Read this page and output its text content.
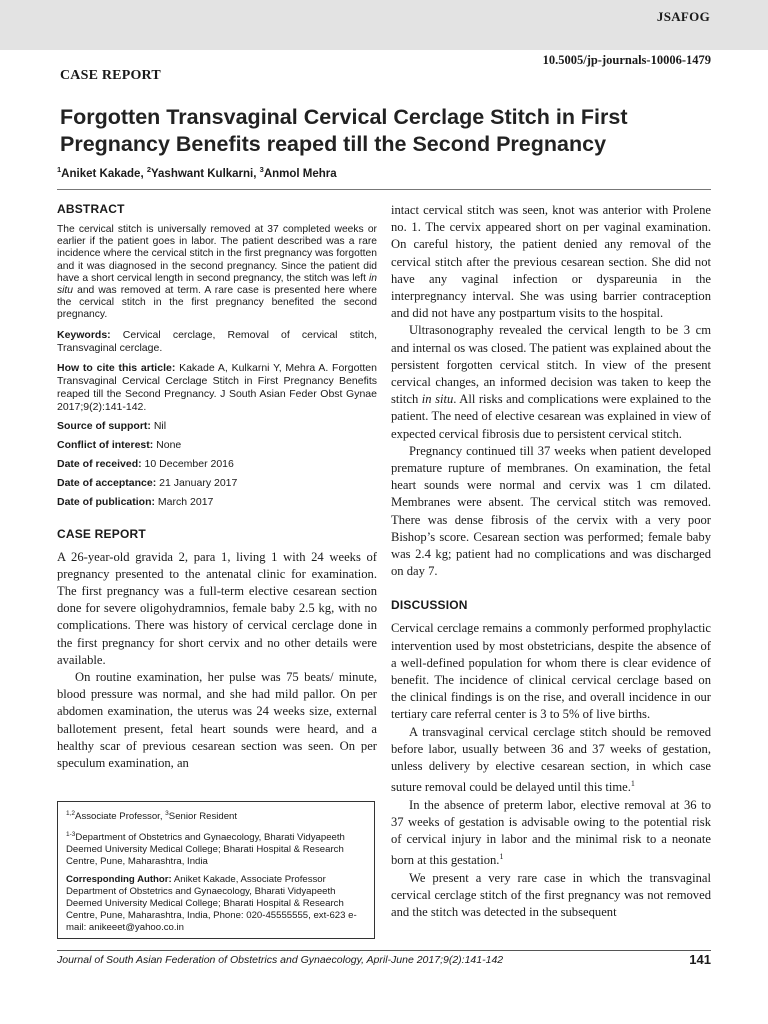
JSAFOG
10.5005/jp-journals-10006-1479
CASE REPORT
Forgotten Transvaginal Cervical Cerclage Stitch in First
Pregnancy Benefits reaped till the Second Pregnancy
$^1$Aniket Kakade, $^2$Yashwant Kulkarni, $^3$Anmol Mehra
ABSTRACT

The cervical stitch is universally removed at 37 completed weeks or earlier if the patient goes in labor. The patient described was a rare incidence where the cervical stitch in the first pregnancy was forgotten and it was diagnosed in the second pregnancy. Since the patient did have a short cervical length in second pregnancy, the stitch was left in situ and was removed at term. A rare case is presented here where the cervical stitch in the first pregnancy benefited the second pregnancy.

Keywords: Cervical cerclage, Removal of cervical stitch, Transvaginal cerclage.

How to cite this article: Kakade A, Kulkarni Y, Mehra A. Forgotten Transvaginal Cervical Cerclage Stitch in First Pregnancy Benefits reaped till the Second Pregnancy. J South Asian Feder Obst Gynae 2017;9(2):141-142.

Source of support: Nil

Conflict of interest: None

Date of received: 10 December 2016

Date of acceptance: 21 January 2017

Date of publication: March 2017

CASE REPORT

A 26-year-old gravida 2, para 1, living 1 with 24 weeks of pregnancy presented to the antenatal clinic for examination. The first pregnancy was a full-term elective cesarean section done for severe oligohydramnios, female baby 2.5 kg, with no complications. There was history of cervical cerclage done in the first pregnancy for short cervix and no other details were available.

On routine examination, her pulse was 75 beats/ minute, blood pressure was normal, and she had mild pallor. On per abdomen examination, the uterus was 24 weeks size, external ballotement present, fetal heart sounds were heard, and a healthy scar of previous cesarean section was seen. On per speculum examination, an

$^{1,2}$Associate Professor, $^3$Senior Resident

$^{1-3}$Department of Obstetrics and Gynaecology, Bharati Vidyapeeth Deemed University Medical College; Bharati Hospital & Research Centre, Pune, Maharashtra, India

Corresponding Author: Aniket Kakade, Associate Professor Department of Obstetrics and Gynaecology, Bharati Vidyapeeth Deemed University Medical College; Bharati Hospital & Research Centre, Pune, Maharashtra, India, Phone: 020-45555555, ext-623 e-mail: anikeeet@yahoo.co.in

intact cervical stitch was seen, knot was anterior with Prolene no. 1. The cervix appeared short on per vaginal examination. On careful history, the patient denied any removal of the cervical stitch after the previous cesarean section. She did not have any vaginal infection or dyspareunia in the interpregnancy interval. She was using barrier contraception and did not have any postpartum visits to the hospital.

Ultrasonography revealed the cervical length to be 3 cm and internal os was closed. The patient was explained about the persistent forgotten cervical stitch. In view of the present cervical changes, an informed decision was taken to keep the stitch in situ. All risks and complications were explained to the patient. The need of elective cesarean was explained in view of expected cervical fibrosis due to persistent cervical stitch.

Pregnancy continued till 37 weeks when patient developed premature rupture of membranes. On examination, the fetal heart sounds were normal and cervix was 1 cm dilated. Membranes were absent. The cervical stitch was removed. There was dense fibrosis of the cervix with a very poor Bishop’s score. Cesarean section was performed; female baby was 2.4 kg; patient had no complications and was discharged on day 7.

DISCUSSION

Cervical cerclage remains a commonly performed prophylactic intervention used by most obstetricians, despite the absence of a well-defined population for whom there is clear evidence of benefit. The incidence of clinical cervical cerclage based on the clinical findings is on the rise, and overall incidence in our tertiary care referral center is 3 to 5% of live births.

A transvaginal cervical cerclage stitch should be removed before labor, usually between 36 and 37 weeks of gestation, unless delivery by elective cesarean section, in which case suture removal could be delayed until this time.$^1$

In the absence of preterm labor, elective removal at 36 to 37 weeks of gestation is advisable owing to the potential risk of cervical injury in labor and the minimal risk to a neonate born at this gestation.$^1$

We present a very rare case in which the transvaginal cervical cerclage stitch of the first pregnancy was not removed and the stitch was detected in the subsequent

Journal of South Asian Federation of Obstetrics and Gynaecology, April-June 2017;9(2):141-142	141
